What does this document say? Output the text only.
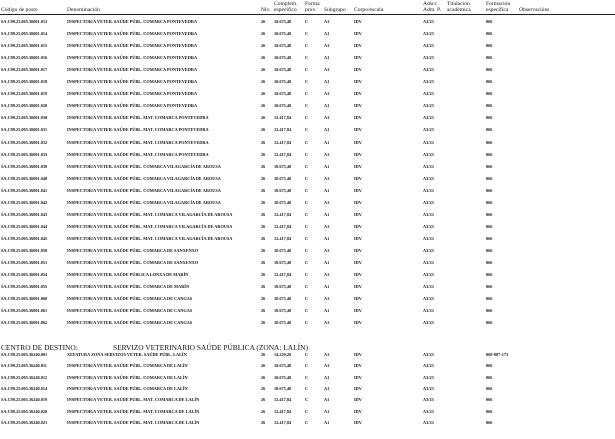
Código de posto	Denominación	Nív.
Complem.
específico
Forma
prov.	Subgrupo Corpo/escala
Adscr.
Adm. P.
Titulación
académica
Formación
específica	Observacións
SA.C99.25.005.36001.013	INSPECTOR/A VETER. SAÚDE PÚBL. COMARCA PONTEVEDRA	26 10.675,40	C	A1	IDV	A3/23	066
SA.C99.25.005.36001.014	INSPECTOR/A VETER. SAÚDE PÚBL. COMARCA PONTEVEDRA	26 10.675,40	C	A1	IDV	A3/23	066
SA.C99.25.005.36001.015	INSPECTOR/A VETER. SAÚDE PÚBL. COMARCA PONTEVEDRA	26 10.675,40	C	A1	IDV	A3/23	066
SA.C99.25.005.36001.016	INSPECTOR/A VETER. SAÚDE PÚBL. COMARCA PONTEVEDRA	26 10.675,40	C	A1	IDV	A3/23	066
SA.C99.25.005.36001.017	INSPECTOR/A VETER. SAÚDE PÚBL. COMARCA PONTEVEDRA	26 10.675,40	C	A1	IDV	A3/23	066
SA.C99.25.005.36001.018	INSPECTOR/A VETER. SAÚDE PÚBL. COMARCA PONTEVEDRA	26 10.675,40	C	A1	IDV	A3/23	066
SA.C99.25.005.36001.019	INSPECTOR/A VETER. SAÚDE PÚBL. COMARCA PONTEVEDRA	26 10.675,40	C	A1	IDV	A3/23	066
SA.C99.25.005.36001.020	INSPECTOR/A VETER. SAÚDE PÚBL. COMARCA PONTEVEDRA	26 10.675,40	C	A1	IDV	A3/23	066
SA.C99.25.005.36001.030	INSPECTOR/A VETER. SAÚDE PÚBL. MAT. COMARCA PONTEVEDRA	26 12.417,84	C	A1	IDV	A3/23	066
SA.C99.25.005.36001.031	INSPECTOR/A VETER. SAÚDE PÚBL. MAT. COMARCA PONTEVEDRA	26 12.417,84	C	A1	IDV	A3/23	066
SA.C99.25.005.36001.032	INSPECTOR/A VETER. SAÚDE PÚBL. MAT. COMARCA PONTEVEDRA	26 12.417,84	C	A1	IDV	A3/23	066
SA.C99.25.005.36001.033	INSPECTOR/A VETER. SAÚDE PÚBL. MAT. COMARCA PONTEVEDRA	26 12.417,84	C	A1	IDV	A3/23	066
SA.C99.25.005.36001.039	INSPECTOR/A VETER. SAÚDE PÚBL. COMARCA VILAGARCÍA DE AROUSA	26 10.675,40	C	A1	IDV	A3/23	066
SA.C99.25.005.36001.040	INSPECTOR/A VETER. SAÚDE PÚBL. COMARCA VILAGARCÍA DE AROUSA	26 10.675,40	C	A1	IDV	A3/23	066
SA.C99.25.005.36001.041	INSPECTOR/A VETER. SAÚDE PÚBL. COMARCA VILAGARCÍA DE AROUSA	26 10.675,40	C	A1	IDV	A3/23	066
SA.C99.25.005.36001.042	INSPECTOR/A VETER. SAÚDE PÚBL. COMARCA VILAGARCÍA DE AROUSA	26 10.675,40	C	A1	IDV	A3/23	066
SA.C99.25.005.36001.043	INSPECTOR/A VETER. SAÚDE PÚBL. MAT. COMARCA VILAGARCÍA DE AROUSA	26 12.417,84	C	A1	IDV	A3/23	066
SA.C99.25.005.36001.044	INSPECTOR/A VETER. SAÚDE PÚBL. MAT. COMARCA VILAGARCÍA DE AROUSA	26 12.417,84	C	A1	IDV	A3/23	066
SA.C99.25.005.36001.045	INSPECTOR/A VETER. SAÚDE PÚBL. MAT. COMARCA VILAGARCÍA DE AROUSA	26 12.417,84	C	A1	IDV	A3/23	066
SA.C99.25.005.36001.050	INSPECTOR/A VETER. SAÚDE PÚBL. COMARCA DE SANXENXO	26 10.675,40	C	A1	IDV	A3/23	066
SA.C99.25.005.36001.051	INSPECTOR/A VETER. SAÚDE PÚBL. COMARCA DE SANXENXO	26 10.675,40	C	A1	IDV	A3/23	066
SA.C99.25.005.36001.054	INSPECTOR/A VETER. SAÚDE PÚBLICA LONXA DE MARÍN	26 12.417,84	C	A1	IDV	A3/23	066
SA.C99.25.005.36001.055	INSPECTOR/A VETER. SAÚDE PÚBL. COMARCA DE MARÍN	26 10.675,40	C	A1	IDV	A3/23	066
SA.C99.25.005.36001.060	INSPECTOR/A VETER. SAÚDE PÚBL. COMARCA DE CANGAS	26 10.675,40	C	A1	IDV	A3/23	066
SA.C99.25.005.36001.061	INSPECTOR/A VETER. SAÚDE PÚBL. COMARCA DE CANGAS	26 10.675,40	C	A1	IDV	A3/23	066
SA.C99.25.005.36001.062	INSPECTOR/A VETER. SAÚDE PÚBL. COMARCA DE CANGAS	26 10.675,40	C	A1	IDV	A3/23	066
CENTRO DE DESTINO:	SERVIZO VETERINARIO SAÚDE PÚBLICA (ZONA: LALÍN)
SA.C99.25.005.36240.001	XEFATURA ZONA SERVIZOS VETER. SAÚDE PÚBL. LALÍN	26 14.220,28	C	A1	IDV	A3/23	069-087-173
SA.C99.25.005.36240.011	INSPECTOR/A VETER. SAÚDE PÚBL. COMARCA DE LALÍN	26 10.675,40	C	A1	IDV	A3/23	066
SA.C99.25.005.36240.012	INSPECTOR/A VETER. SAÚDE PÚBL. COMARCA DE LALÍN	26 10.675,40	C	A1	IDV	A3/23	066
SA.C99.25.005.36240.014	INSPECTOR/A VETER. SAÚDE PÚBL. COMARCA DE LALÍN	26 10.675,40	C	A1	IDV	A3/23	066
SA.C99.25.005.36240.019	INSPECTOR/A VETER. SAÚDE PÚBL. MAT. COMARCA DE LALÍN	26 12.417,84	C	A1	IDV	A3/23	066
SA.C99.25.005.36240.020	INSPECTOR/A VETER. SAÚDE PÚBL. MAT. COMARCA DE LALÍN	26 12.417,84	C	A1	IDV	A3/23	066
SA.C99.25.005.36240.021	INSPECTOR/A VETER. SAÚDE PÚBL. MAT. COMARCA DE LALÍN	26 12.417,84	C	A1	IDV	A3/23	066
